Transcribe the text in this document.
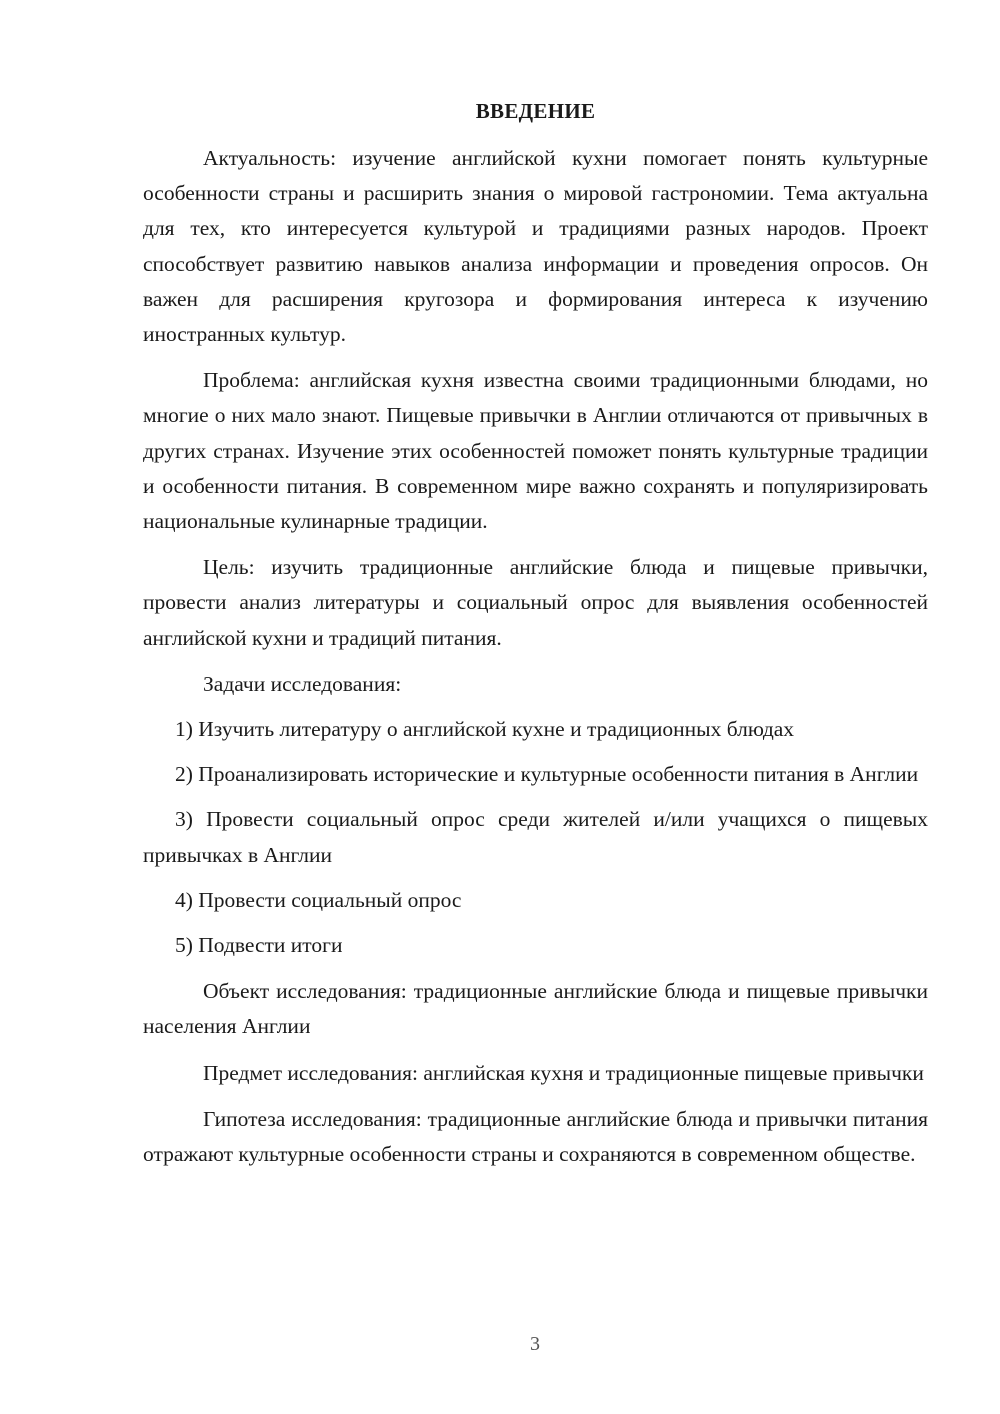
ВВЕДЕНИЕ

Актуальность: изучение английской кухни помогает понять культурные особенности страны и расширить знания о мировой гастрономии. Тема актуальна для тех, кто интересуется культурой и традициями разных народов. Проект способствует развитию навыков анализа информации и проведения опросов. Он важен для расширения кругозора и формирования интереса к изучению иностранных культур.

Проблема: английская кухня известна своими традиционными блюдами, но многие о них мало знают. Пищевые привычки в Англии отличаются от привычных в других странах. Изучение этих особенностей поможет понять культурные традиции и особенности питания. В современном мире важно сохранять и популяризировать национальные кулинарные традиции.

Цель: изучить традиционные английские блюда и пищевые привычки, провести анализ литературы и социальный опрос для выявления особенностей английской кухни и традиций питания.

Задачи исследования:

1) Изучить литературу о английской кухне и традиционных блюдах

2) Проанализировать исторические и культурные особенности питания в Англии

3) Провести социальный опрос среди жителей и/или учащихся о пищевых привычках в Англии

4) Провести социальный опрос

5) Подвести итоги

Объект исследования: традиционные английские блюда и пищевые привычки населения Англии

Предмет исследования: английская кухня и традиционные пищевые привычки

Гипотеза исследования: традиционные английские блюда и привычки питания отражают культурные особенности страны и сохраняются в современном обществе.

3
